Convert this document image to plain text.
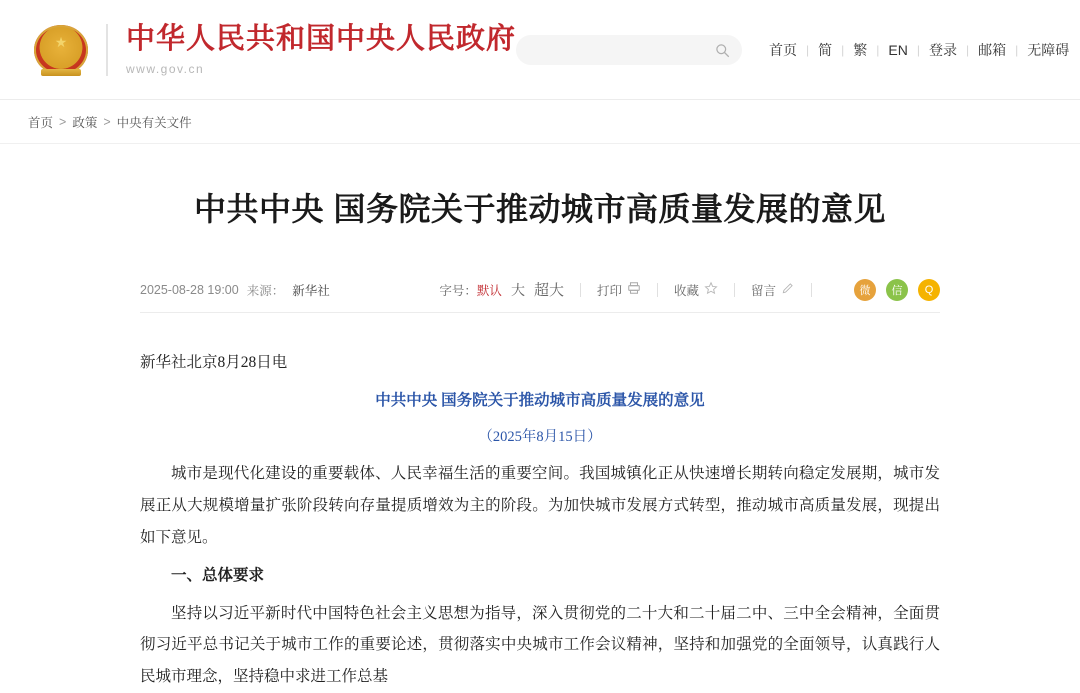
★ 中华人民共和国中央人民政府
www.gov.cn
首页 | 简 | 繁 | EN | 登录 | 邮箱 | 无障碍
首页 > 政策 > 中央有关文件
中共中央 国务院关于推动城市高质量发展的意见
2025-08-28 19:00 来源： 新华社	字号： 默认 大 超大	打印	收藏	留言	微	信	Q

新华社北京8月28日电

中共中央 国务院关于推动城市高质量发展的意见

（2025年8月15日）

城市是现代化建设的重要载体、人民幸福生活的重要空间。我国城镇化正从快速增长期转向稳定发展期，城市发展正从大规模增量扩张阶段转向存量提质增效为主的阶段。为加快城市发展方式转型，推动城市高质量发展，现提出如下意见。

一、总体要求

坚持以习近平新时代中国特色社会主义思想为指导，深入贯彻党的二十大和二十届二中、三中全会精神，全面贯彻习近平总书记关于城市工作的重要论述，贯彻落实中央城市工作会议精神，坚持和加强党的全面领导，认真践行人民城市理念，坚持稳中求进工作总基
